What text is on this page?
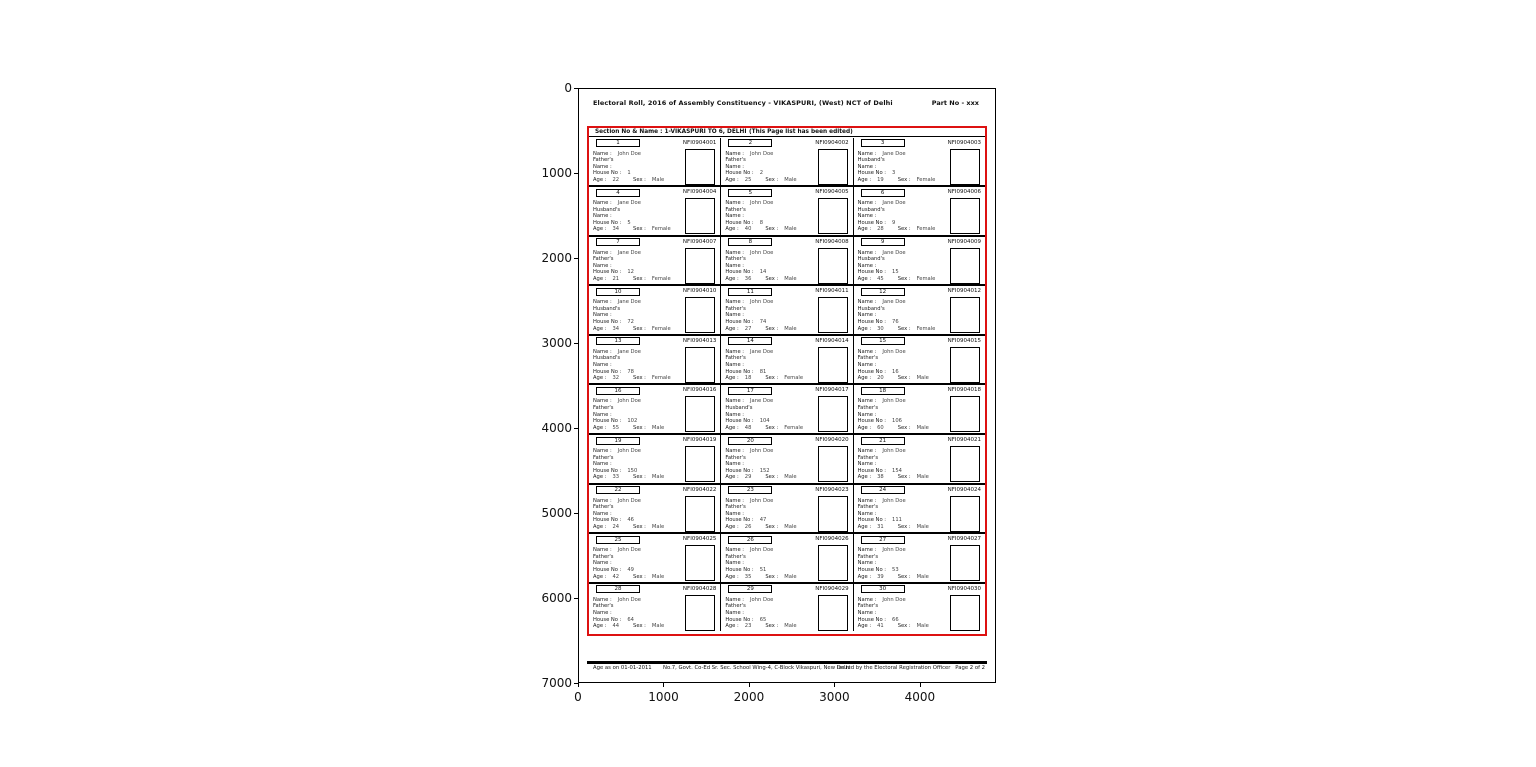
0
1000
2000
3000
4000
5000
6000
7000
0	1000	2000	3000	4000
Electoral Roll, 2016 of Assembly Constituency - VIKASPURI, (West) NCT of Delhi	Part No - xxx
Section No & Name : 1-VIKASPURI TO 6, DELHI (This Page list has been edited)
1	NFI0904001
Name : John Doe
Father's
Name :
House No : 1
Age : 22	Sex : Male
2	NFI0904002
Name : John Doe
Father's
Name :
House No : 2
Age : 25	Sex : Male
3	NFI0904003
Name : Jane Doe
Husband's
Name :
House No : 3
Age : 19	Sex : Female
4	NFI0904004
Name : Jane Doe
Husband's
Name :
House No : 5
Age : 34	Sex : Female
5	NFI0904005
Name : John Doe
Father's
Name :
House No : 8
Age : 40	Sex : Male
6	NFI0904006
Name : Jane Doe
Husband's
Name :
House No : 9
Age : 28	Sex : Female
7	NFI0904007
Name : Jane Doe
Father's
Name :
House No : 12
Age : 21	Sex : Female
8	NFI0904008
Name : John Doe
Father's
Name :
House No : 14
Age : 36	Sex : Male
9	NFI0904009
Name : Jane Doe
Husband's
Name :
House No : 15
Age : 45	Sex : Female
10	NFI0904010
Name : Jane Doe
Husband's
Name :
House No : 72
Age : 34	Sex : Female
11	NFI0904011
Name : John Doe
Father's
Name :
House No : 74
Age : 27	Sex : Male
12	NFI0904012
Name : Jane Doe
Husband's
Name :
House No : 76
Age : 30	Sex : Female
13	NFI0904013
Name : Jane Doe
Husband's
Name :
House No : 78
Age : 32	Sex : Female
14	NFI0904014
Name : Jane Doe
Father's
Name :
House No : 81
Age : 18	Sex : Female
15	NFI0904015
Name : John Doe
Father's
Name :
House No : 16
Age : 20	Sex : Male
16	NFI0904016
Name : John Doe
Father's
Name :
House No : 102
Age : 55	Sex : Male
17	NFI0904017
Name : Jane Doe
Husband's
Name :
House No : 104
Age : 48	Sex : Female
18	NFI0904018
Name : John Doe
Father's
Name :
House No : 106
Age : 60	Sex : Male
19	NFI0904019
Name : John Doe
Father's
Name :
House No : 150
Age : 33	Sex : Male
20	NFI0904020
Name : John Doe
Father's
Name :
House No : 152
Age : 29	Sex : Male
21	NFI0904021
Name : John Doe
Father's
Name :
House No : 154
Age : 38	Sex : Male
22	NFI0904022
Name : John Doe
Father's
Name :
House No : 46
Age : 24	Sex : Male
23	NFI0904023
Name : John Doe
Father's
Name :
House No : 47
Age : 26	Sex : Male
24	NFI0904024
Name : John Doe
Father's
Name :
House No : 111
Age : 31	Sex : Male
25	NFI0904025
Name : John Doe
Father's
Name :
House No : 49
Age : 42	Sex : Male
26	NFI0904026
Name : John Doe
Father's
Name :
House No : 51
Age : 35	Sex : Male
27	NFI0904027
Name : John Doe
Father's
Name :
House No : 53
Age : 39	Sex : Male
28	NFI0904028
Name : John Doe
Father's
Name :
House No : 64
Age : 44	Sex : Male
29	NFI0904029
Name : John Doe
Father's
Name :
House No : 65
Age : 23	Sex : Male
30	NFI0904030
Name : John Doe
Father's
Name :
House No : 66
Age : 41	Sex : Male
Age as on 01-01-2011 No.7, Govt. Co-Ed Sr. Sec. School Wing-4, C-Block Vikaspuri, New Delhi
Issued by the Electoral Registration Officer Page 2 of 2
